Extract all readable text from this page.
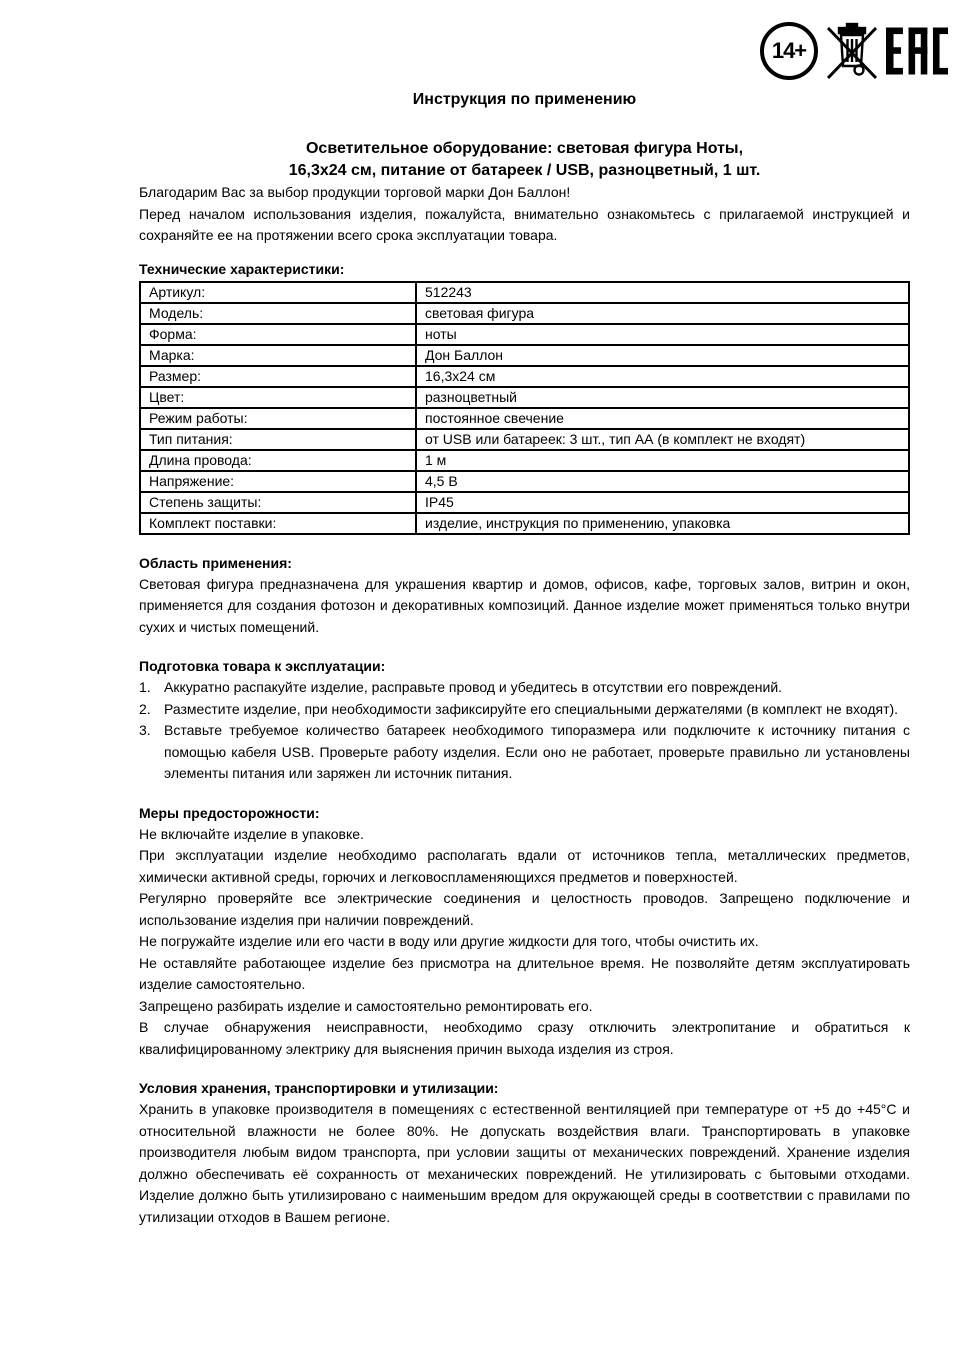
14+
Инструкция по применению
Осветительное оборудование: световая фигура Ноты,
16,3х24 см, питание от батареек / USB, разноцветный, 1 шт.

Благодарим Вас за выбор продукции торговой марки Дон Баллон!

Перед началом использования изделия, пожалуйста, внимательно ознакомьтесь с прилагаемой инструкцией и сохраняйте ее на протяжении всего срока эксплуатации товара.

Технические характеристики:
Артикул:	512243
Модель:	световая фигура
Форма:	ноты
Марка:	Дон Баллон
Размер:	16,3х24 см
Цвет:	разноцветный
Режим работы:	постоянное свечение
Тип питания:	от USB или батареек: 3 шт., тип АА (в комплект не входят)
Длина провода:	1 м
Напряжение:	4,5 В
Степень защиты:	IP45
Комплект поставки:	изделие, инструкция по применению, упаковка
Область применения:

Световая фигура предназначена для украшения квартир и домов, офисов, кафе, торговых залов, витрин и окон, применяется для создания фотозон и декоративных композиций. Данное изделие может применяться только внутри сухих и чистых помещений.

Подготовка товара к эксплуатации:
1. Аккуратно распакуйте изделие, расправьте провод и убедитесь в отсутствии его повреждений.
2. Разместите изделие, при необходимости зафиксируйте его специальными держателями (в комплект не входят).
3. Вставьте требуемое количество батареек необходимого типоразмера или подключите к источнику питания с помощью кабеля USB. Проверьте работу изделия. Если оно не работает, проверьте правильно ли установлены элементы питания или заряжен ли источник питания.
Меры предосторожности:

Не включайте изделие в упаковке.

При эксплуатации изделие необходимо располагать вдали от источников тепла, металлических предметов, химически активной среды, горючих и легковоспламеняющихся предметов и поверхностей.

Регулярно проверяйте все электрические соединения и целостность проводов. Запрещено подключение и использование изделия при наличии повреждений.

Не погружайте изделие или его части в воду или другие жидкости для того, чтобы очистить их.

Не оставляйте работающее изделие без присмотра на длительное время. Не позволяйте детям эксплуатировать изделие самостоятельно.

Запрещено разбирать изделие и самостоятельно ремонтировать его.

В случае обнаружения неисправности, необходимо сразу отключить электропитание и обратиться к квалифицированному электрику для выяснения причин выхода изделия из строя.

Условия хранения, транспортировки и утилизации:

Хранить в упаковке производителя в помещениях с естественной вентиляцией при температуре от +5 до +45°С и относительной влажности не более 80%. Не допускать воздействия влаги. Транспортировать в упаковке производителя любым видом транспорта, при условии защиты от механических повреждений. Хранение изделия должно обеспечивать её сохранность от механических повреждений. Не утилизировать с бытовыми отходами. Изделие должно быть утилизировано с наименьшим вредом для окружающей среды в соответствии с правилами по утилизации отходов в Вашем регионе.
